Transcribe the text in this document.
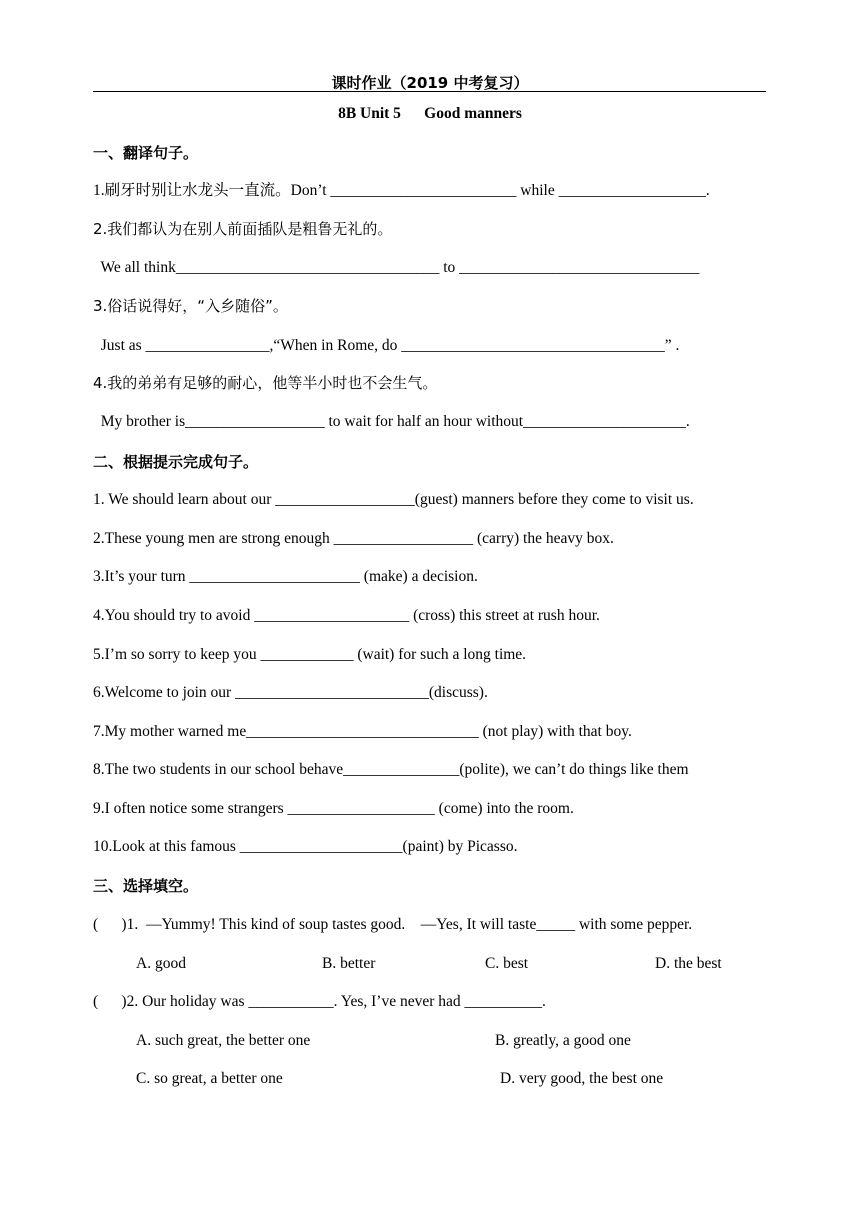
课时作业（2019 中考复习）
8B Unit 5      Good manners
一、翻译句子。
1.刷牙时别让水龙头一直流。Don’t ________________________ while ___________________.
2.我们都认为在别人前面插队是粗鲁无礼的。
We all think__________________________________ to _______________________________
3.俗话说得好，“入乡随俗”。
Just as ________________,“When in Rome, do __________________________________” .
4.我的弟弟有足够的耐心，他等半小时也不会生气。
My brother is__________________ to wait for half an hour without_____________________.
二、根据提示完成句子。
1. We should learn about our __________________(guest) manners before they come to visit us.
2.These young men are strong enough __________________ (carry) the heavy box.
3.It’s your turn ______________________ (make) a decision.
4.You should try to avoid ____________________ (cross) this street at rush hour.
5.I’m so sorry to keep you ____________ (wait) for such a long time.
6.Welcome to join our _________________________(discuss).
7.My mother warned me______________________________ (not play) with that boy.
8.The two students in our school behave_______________(polite), we can’t do things like them
9.I often notice some strangers ___________________ (come) into the room.
10.Look at this famous _____________________(paint) by Picasso.
三、选择填空。
(      )1.  —Yummy! This kind of soup tastes good.    —Yes, It will taste_____ with some pepper.
A. good	B. better	C. best	D. the best
(      )2. Our holiday was ___________. Yes, I’ve never had __________.
A. such great, the better one	B. greatly, a good one
C. so great, a better one	D. very good, the best one
